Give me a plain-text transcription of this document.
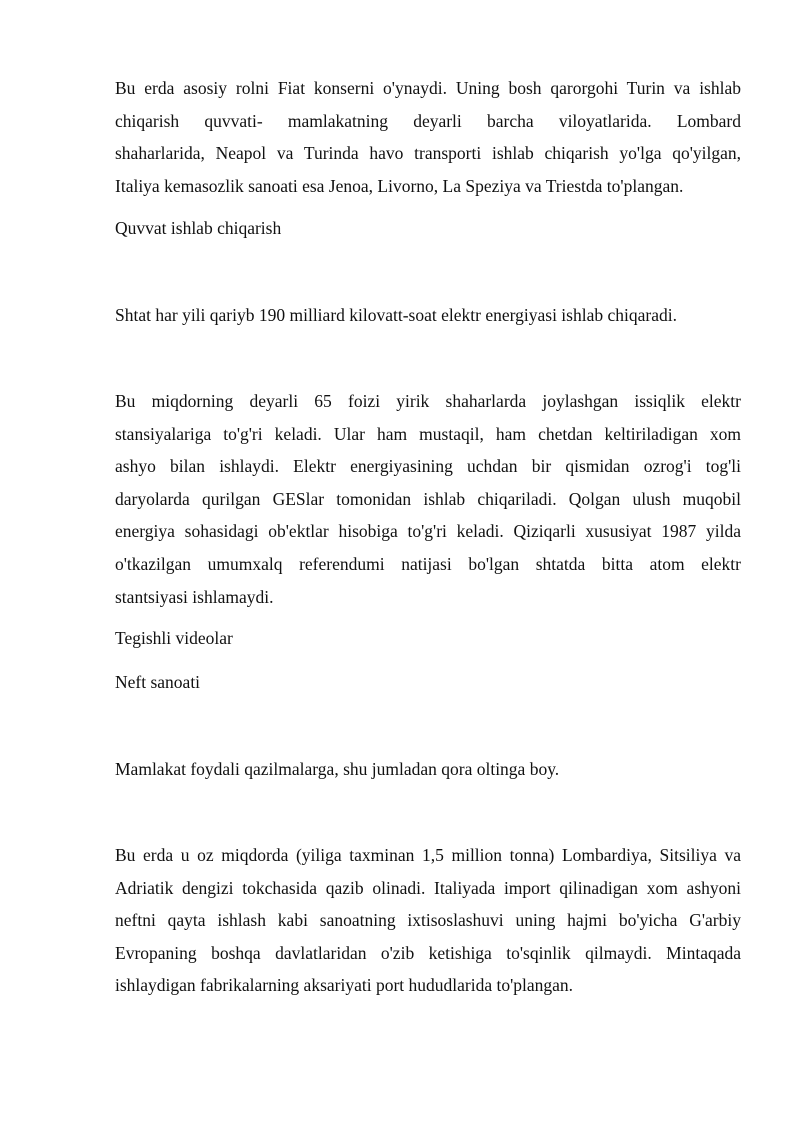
Bu erda asosiy rolni Fiat konserni o'ynaydi. Uning bosh qarorgohi Turin va ishlab
chiqarish quvvati- mamlakatning deyarli barcha viloyatlarida. Lombard
shaharlarida, Neapol va Turinda havo transporti ishlab chiqarish yo'lga qo'yilgan,
Italiya kemasozlik sanoati esa Jenoa, Livorno, La Speziya va Triestda to'plangan.
Quvvat ishlab chiqarish
Shtat har yili qariyb 190 milliard kilovatt-soat elektr energiyasi ishlab chiqaradi.
Bu miqdorning deyarli 65 foizi yirik shaharlarda joylashgan issiqlik elektr
stansiyalariga to'g'ri keladi. Ular ham mustaqil, ham chetdan keltiriladigan xom
ashyo bilan ishlaydi. Elektr energiyasining uchdan bir qismidan ozrog'i tog'li
daryolarda qurilgan GESlar tomonidan ishlab chiqariladi. Qolgan ulush muqobil
energiya sohasidagi ob'ektlar hisobiga to'g'ri keladi. Qiziqarli xususiyat 1987 yilda
o'tkazilgan umumxalq referendumi natijasi bo'lgan shtatda bitta atom elektr
stantsiyasi ishlamaydi.
Tegishli videolar
Neft sanoati
Mamlakat foydali qazilmalarga, shu jumladan qora oltinga boy.
Bu erda u oz miqdorda (yiliga taxminan 1,5 million tonna) Lombardiya, Sitsiliya va
Adriatik dengizi tokchasida qazib olinadi. Italiyada import qilinadigan xom ashyoni
neftni qayta ishlash kabi sanoatning ixtisoslashuvi uning hajmi bo'yicha G'arbiy
Evropaning boshqa davlatlaridan o'zib ketishiga to'sqinlik qilmaydi. Mintaqada
ishlaydigan fabrikalarning aksariyati port hududlarida to'plangan.
